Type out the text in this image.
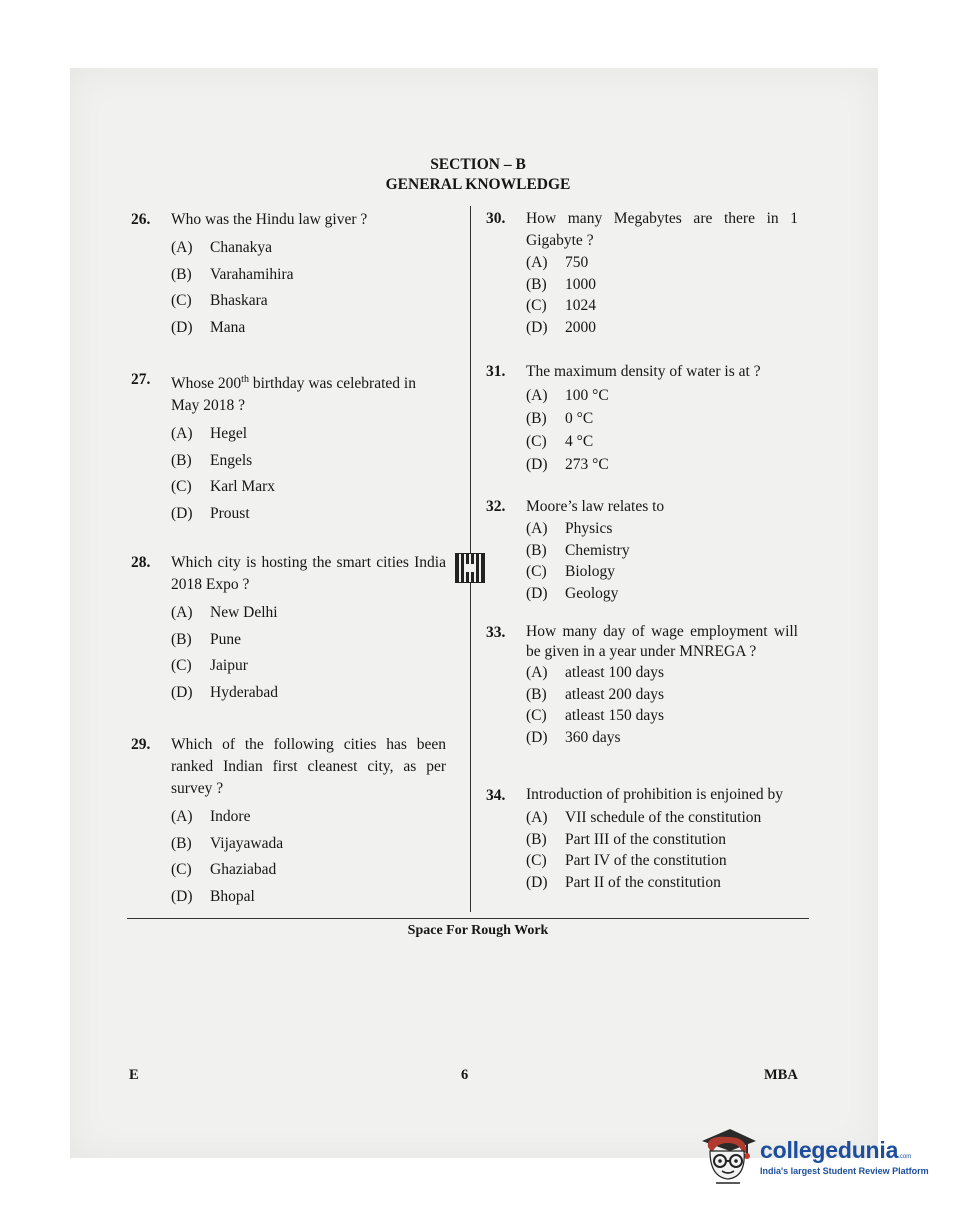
SECTION – B
GENERAL KNOWLEDGE
26.	Who was the Hindu law giver ?
(A)	Chanakya
(B)	Varahamihira
(C)	Bhaskara
(D)	Mana
27.	Whose 200th birthday was celebrated in May 2018 ?
(A)	Hegel
(B)	Engels
(C)	Karl Marx
(D)	Proust
28.	Which city is hosting the smart cities India 2018 Expo ?
(A)	New Delhi
(B)	Pune
(C)	Jaipur
(D)	Hyderabad
29.	Which of the following cities has been ranked Indian first cleanest city, as per survey ?
(A)	Indore
(B)	Vijayawada
(C)	Ghaziabad
(D)	Bhopal
30.	How many Megabytes are there in 1 Gigabyte ?
(A)	750
(B)	1000
(C)	1024
(D)	2000
31.	The maximum density of water is at ?
(A)	100 °C
(B)	0 °C
(C)	4 °C
(D)	273 °C
32.	Moore’s law relates to
(A)	Physics
(B)	Chemistry
(C)	Biology
(D)	Geology
33.	How many day of wage employment will be given in a year under MNREGA ?
(A)	atleast 100 days
(B)	atleast 200 days
(C)	atleast 150 days
(D)	360 days
34.	Introduction of prohibition is enjoined by
(A)	VII schedule of the constitution
(B)	Part III of the constitution
(C)	Part IV of the constitution
(D)	Part II of the constitution
Space For Rough Work
E	6	MBA
collegedunia.com
India's largest Student Review Platform
